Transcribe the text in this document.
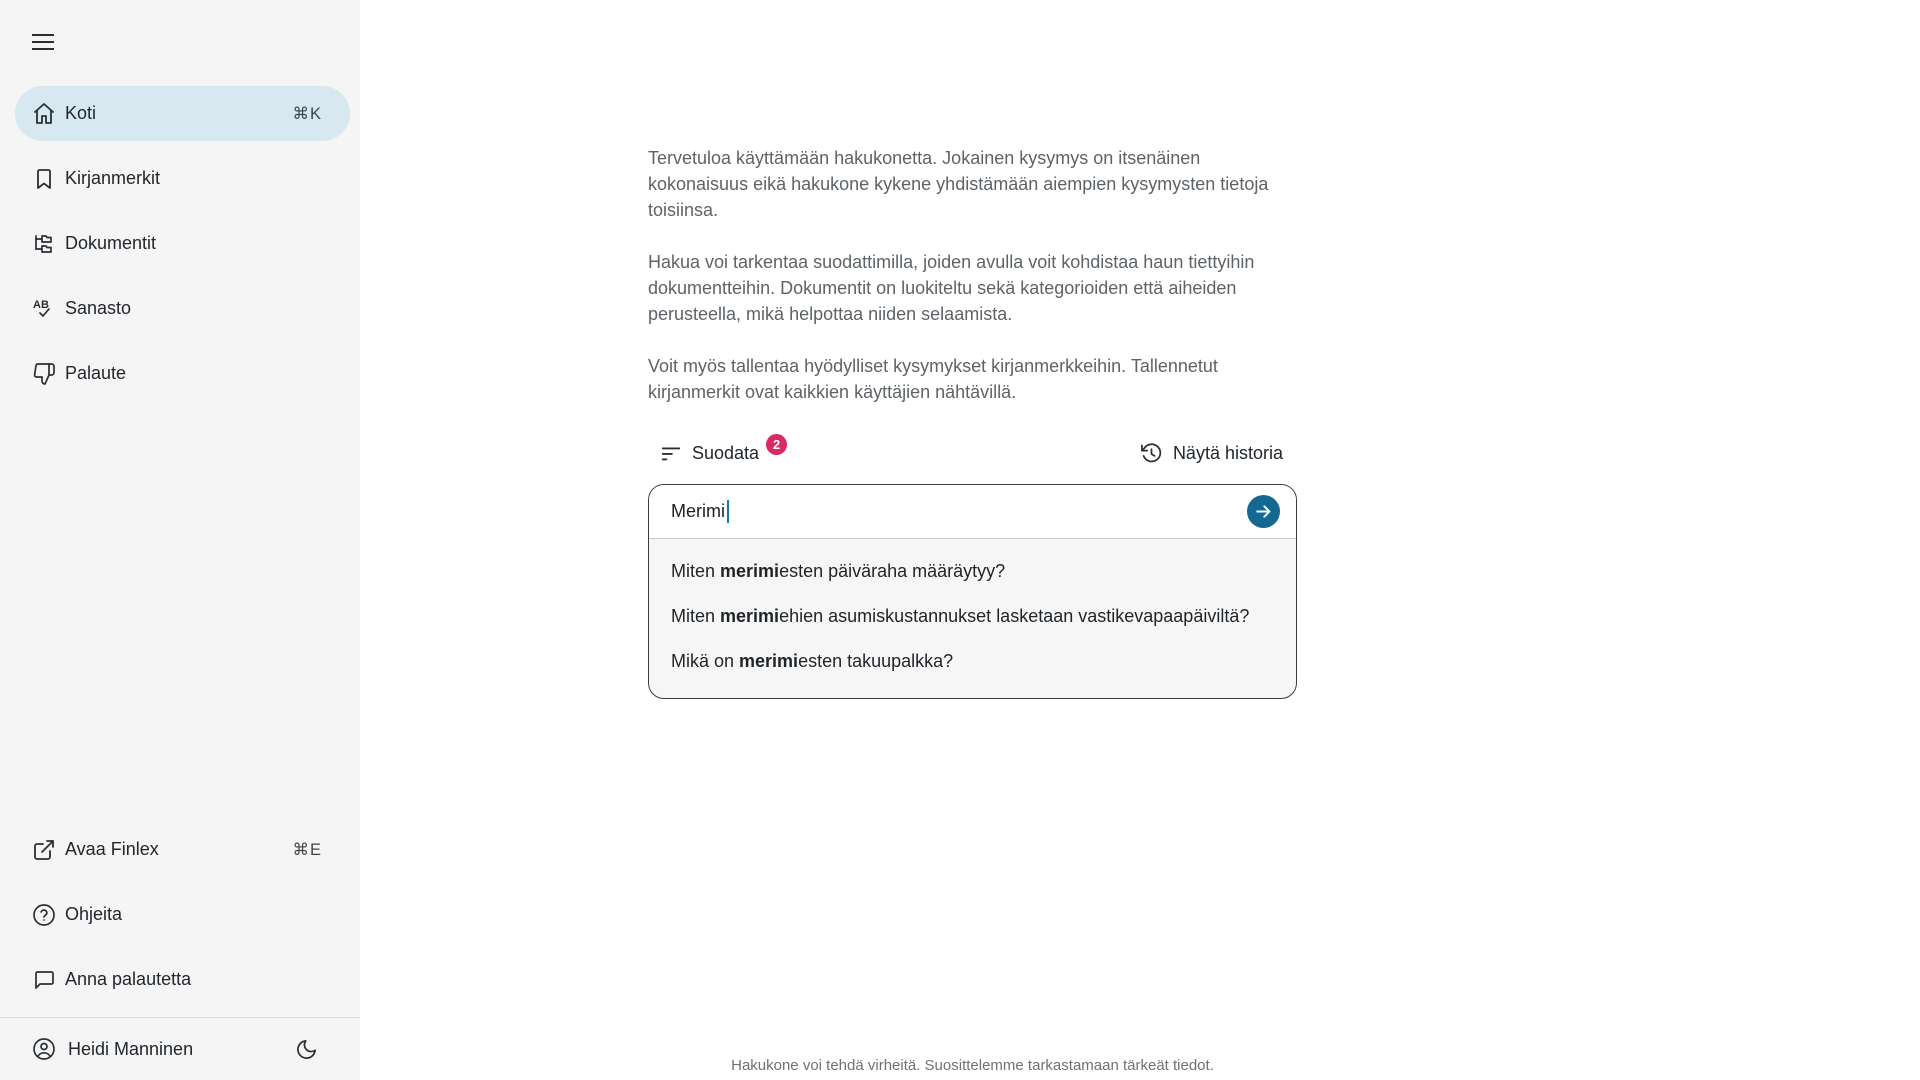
Koti	⌘K
Kirjanmerkit
Dokumentit
AB Sanasto
Palaute
Avaa Finlex	⌘E
Ohjeita
Anna palautetta
Heidi Manninen

Tervetuloa käyttämään hakukonetta. Jokainen kysymys on itsenäinen kokonaisuus eikä hakukone kykene yhdistämään aiempien kysymysten tietoja toisiinsa.

Hakua voi tarkentaa suodattimilla, joiden avulla voit kohdistaa haun tiettyihin dokumentteihin. Dokumentit on luokiteltu sekä kategorioiden että aiheiden perusteella, mikä helpottaa niiden selaamista.

Voit myös tallentaa hyödylliset kysymykset kirjanmerkkeihin. Tallennetut kirjanmerkit ovat kaikkien käyttäjien nähtävillä.

Suodata	2	Näytä historia
Merimi
Miten merimiesten päiväraha määräytyy?
Miten merimiehien asumiskustannukset lasketaan vastikevapaapäiviltä?
Mikä on merimiesten takuupalkka?
Hakukone voi tehdä virheitä. Suosittelemme tarkastamaan tärkeät tiedot.
